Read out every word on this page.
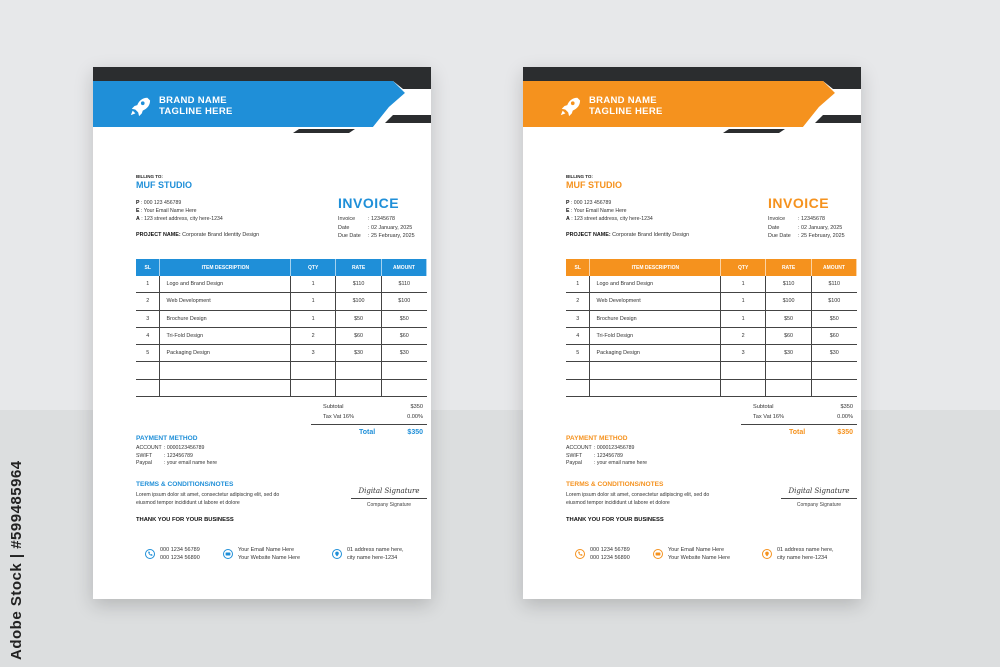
Adobe Stock | #599485964
BRAND NAME
TAGLINE HERE
BILLING TO:
MUF STUDIO
P : 000 123 456789
E : Your Email Name Here
A : 123 street address, city here-1234
PROJECT NAME: Corporate Brand Identity Design
INVOICE
Invoice : 12345678
Date	: 02 January, 2025
Due Date : 25 February, 2025
SL	ITEM DESCRIPTION	QTY	RATE	AMOUNT
1	Logo and Brand Design	1	$110	$110
2	Web Development	1	$100	$100
3	Brochure Design	1	$50	$50
4	Tri-Fold Design	2	$60	$60
5	Packaging Design	3	$30	$30

Subtotal	$350
Tax Vat 16%	0.00%
Total	$350
PAYMENT METHOD
ACCOUNT : 0000123456789
SWIFT : 123456789
Paypal : your email name here
TERMS & CONDITIONS/NOTES
Lorem ipsum dolor sit amet, consectetur adipiscing elit, sed do eiusmod tempor incididunt ut labore et dolore
THANK YOU FOR YOUR BUSINESS
Digital Signature
Company Signature
000 1234 56789
000 1234 56890
Your Email Name Here
Your Website Name Here
01 address name here,
city name here-1234
BRAND NAME
TAGLINE HERE
BILLING TO:
MUF STUDIO
P : 000 123 456789
E : Your Email Name Here
A : 123 street address, city here-1234
PROJECT NAME: Corporate Brand Identity Design
INVOICE
Invoice : 12345678
Date	: 02 January, 2025
Due Date : 25 February, 2025
SL	ITEM DESCRIPTION	QTY	RATE	AMOUNT
1	Logo and Brand Design	1	$110	$110
2	Web Development	1	$100	$100
3	Brochure Design	1	$50	$50
4	Tri-Fold Design	2	$60	$60
5	Packaging Design	3	$30	$30

Subtotal	$350
Tax Vat 16%	0.00%
Total	$350
PAYMENT METHOD
ACCOUNT : 0000123456789
SWIFT : 123456789
Paypal : your email name here
TERMS & CONDITIONS/NOTES
Lorem ipsum dolor sit amet, consectetur adipiscing elit, sed do eiusmod tempor incididunt ut labore et dolore
THANK YOU FOR YOUR BUSINESS
Digital Signature
Company Signature
000 1234 56789
000 1234 56890
Your Email Name Here
Your Website Name Here
01 address name here,
city name here-1234
